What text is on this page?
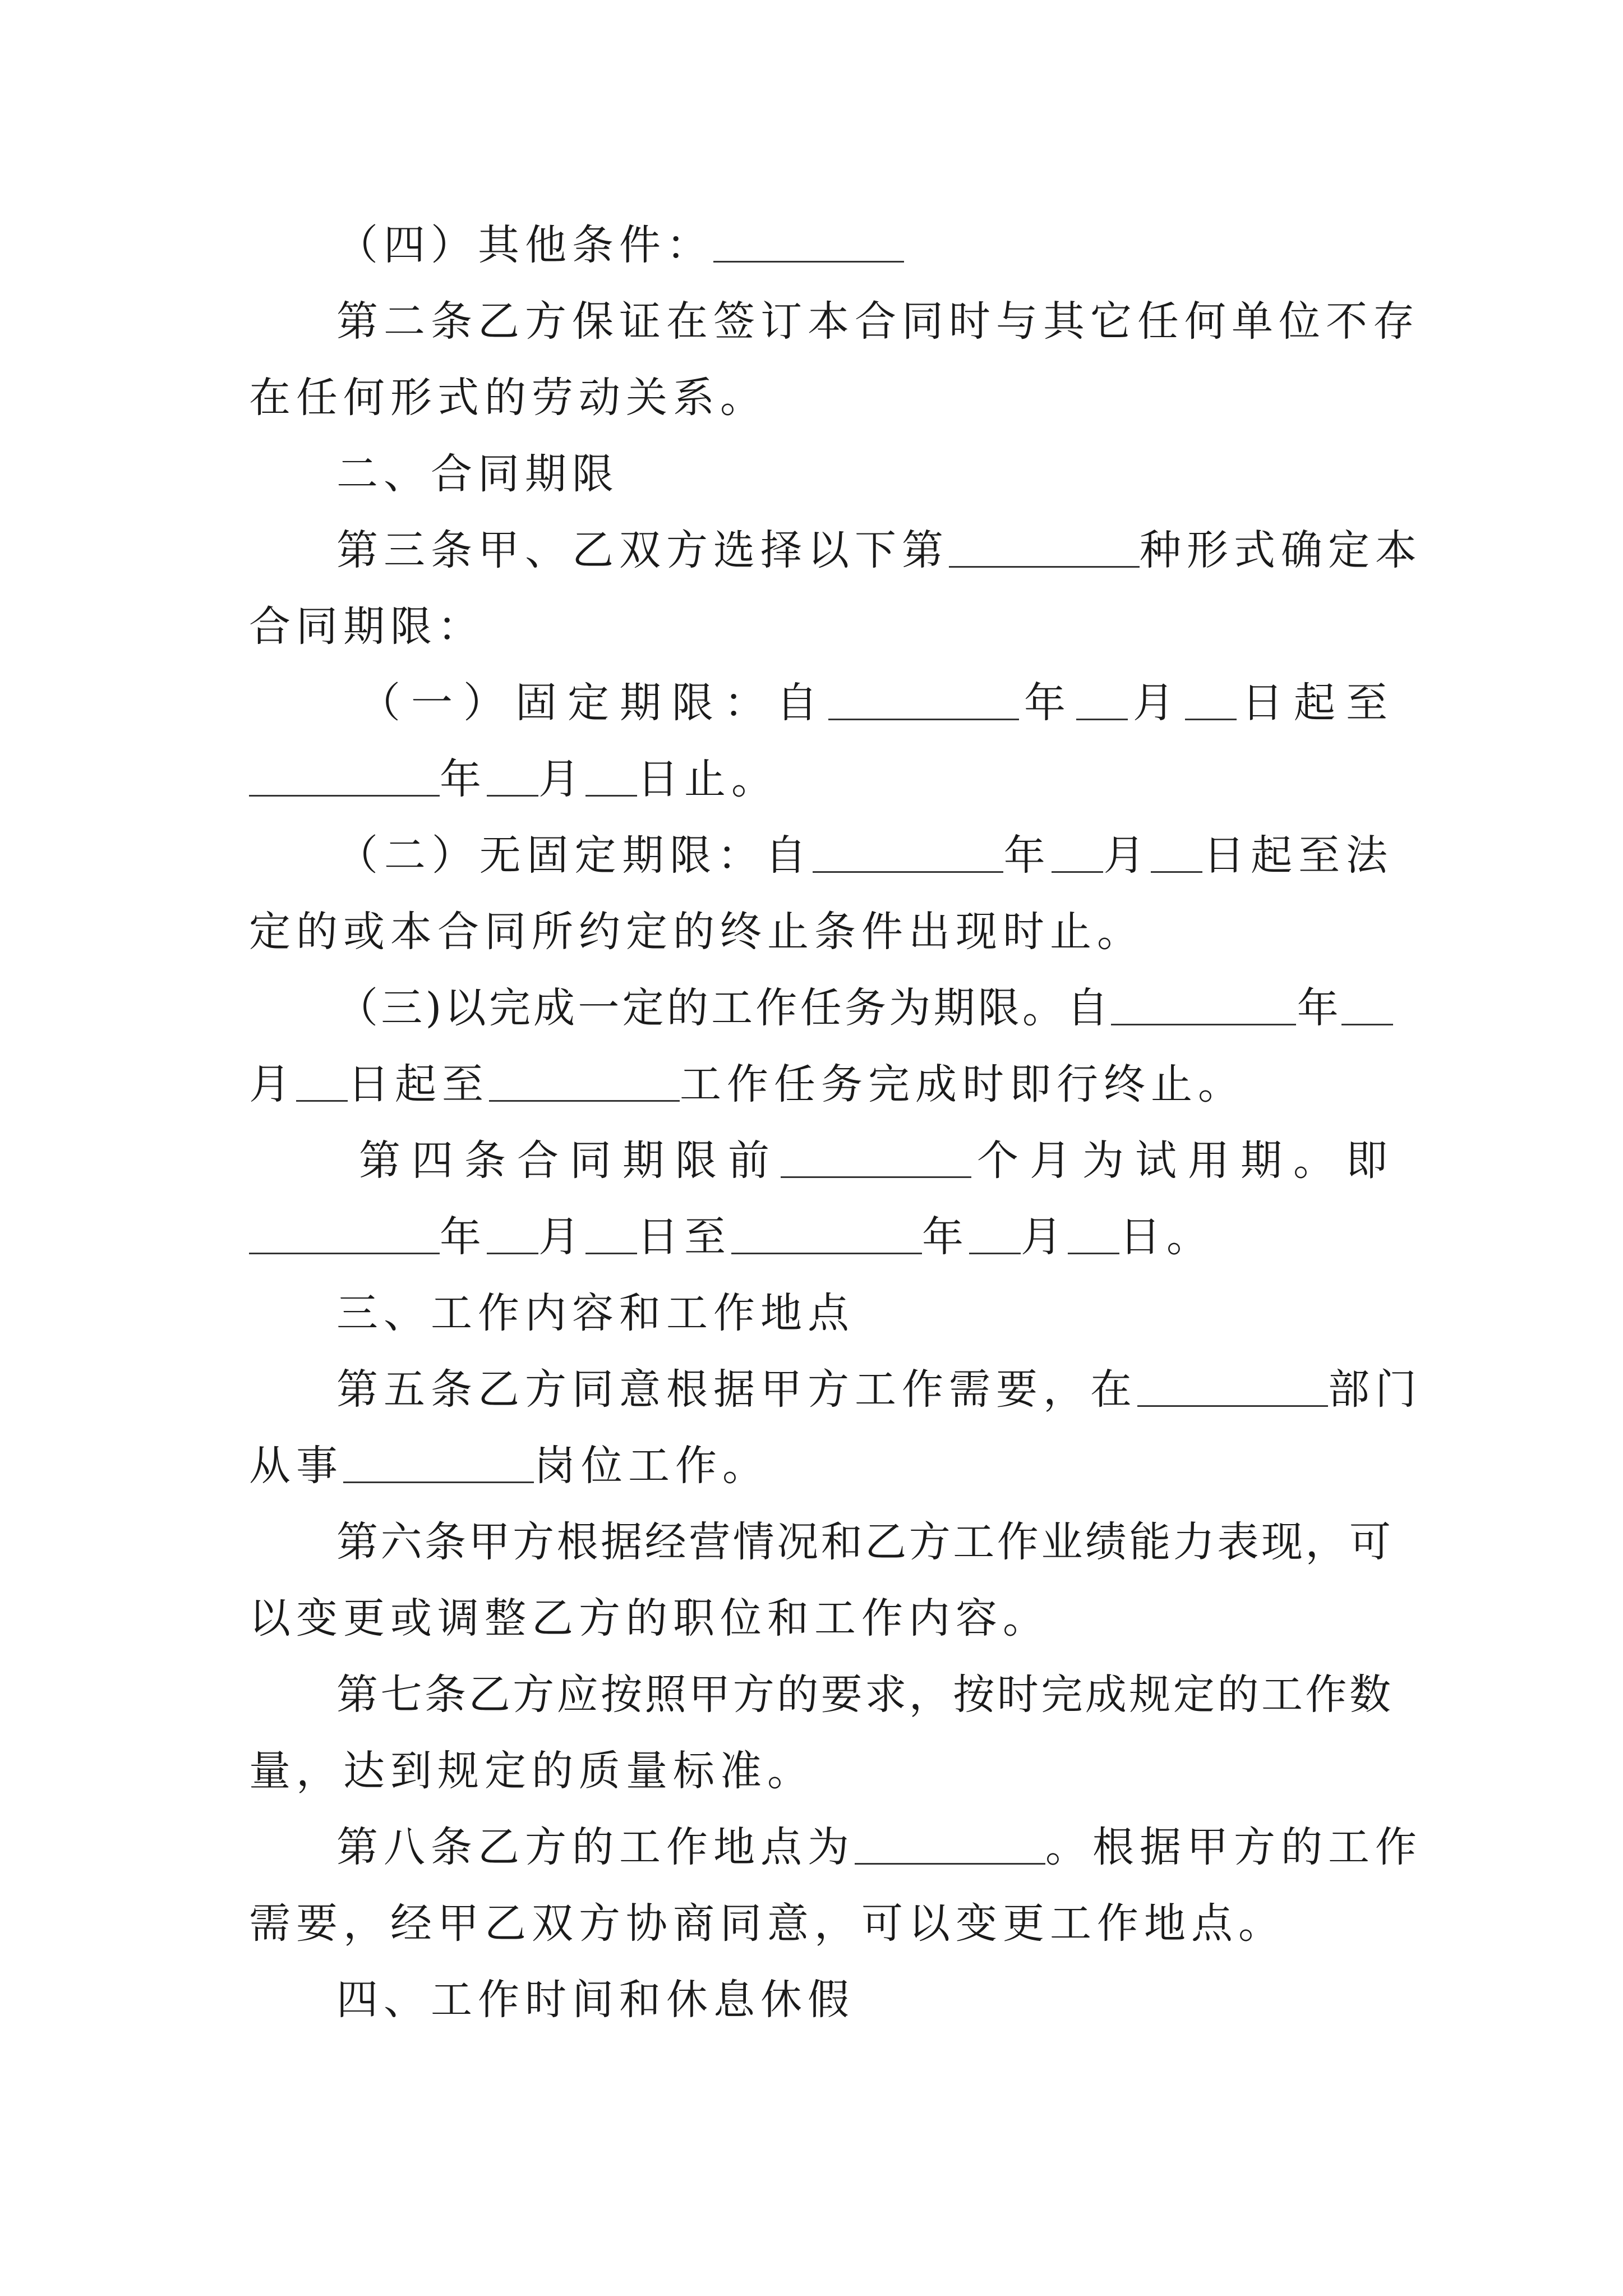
（四）其他条件：
第二条乙方保证在签订本合同时与其它任何单位不存
在任何形式的劳动关系。
二、合同期限
第三条甲、乙双方选择以下第	种形式确定本
合同期限：
（一）固定期限：自	年 月 日起至
年 月 日止。
（二）无固定期限：自	年 月 日起至法
定的或本合同所约定的终止条件出现时止。
（三)以完成一定的工作任务为期限。自	年
月 日起至	工作任务完成时即行终止。
第四条合同期限前	个月为试用期。即
年 月 日至	年 月 日。
三、工作内容和工作地点
第五条乙方同意根据甲方工作需要，在	部门
从事	岗位工作。
第六条甲方根据经营情况和乙方工作业绩能力表现，可
以变更或调整乙方的职位和工作内容。
第七条乙方应按照甲方的要求，按时完成规定的工作数
量，达到规定的质量标准。
第八条乙方的工作地点为	。根据甲方的工作
需要，经甲乙双方协商同意，可以变更工作地点。
四、工作时间和休息休假
